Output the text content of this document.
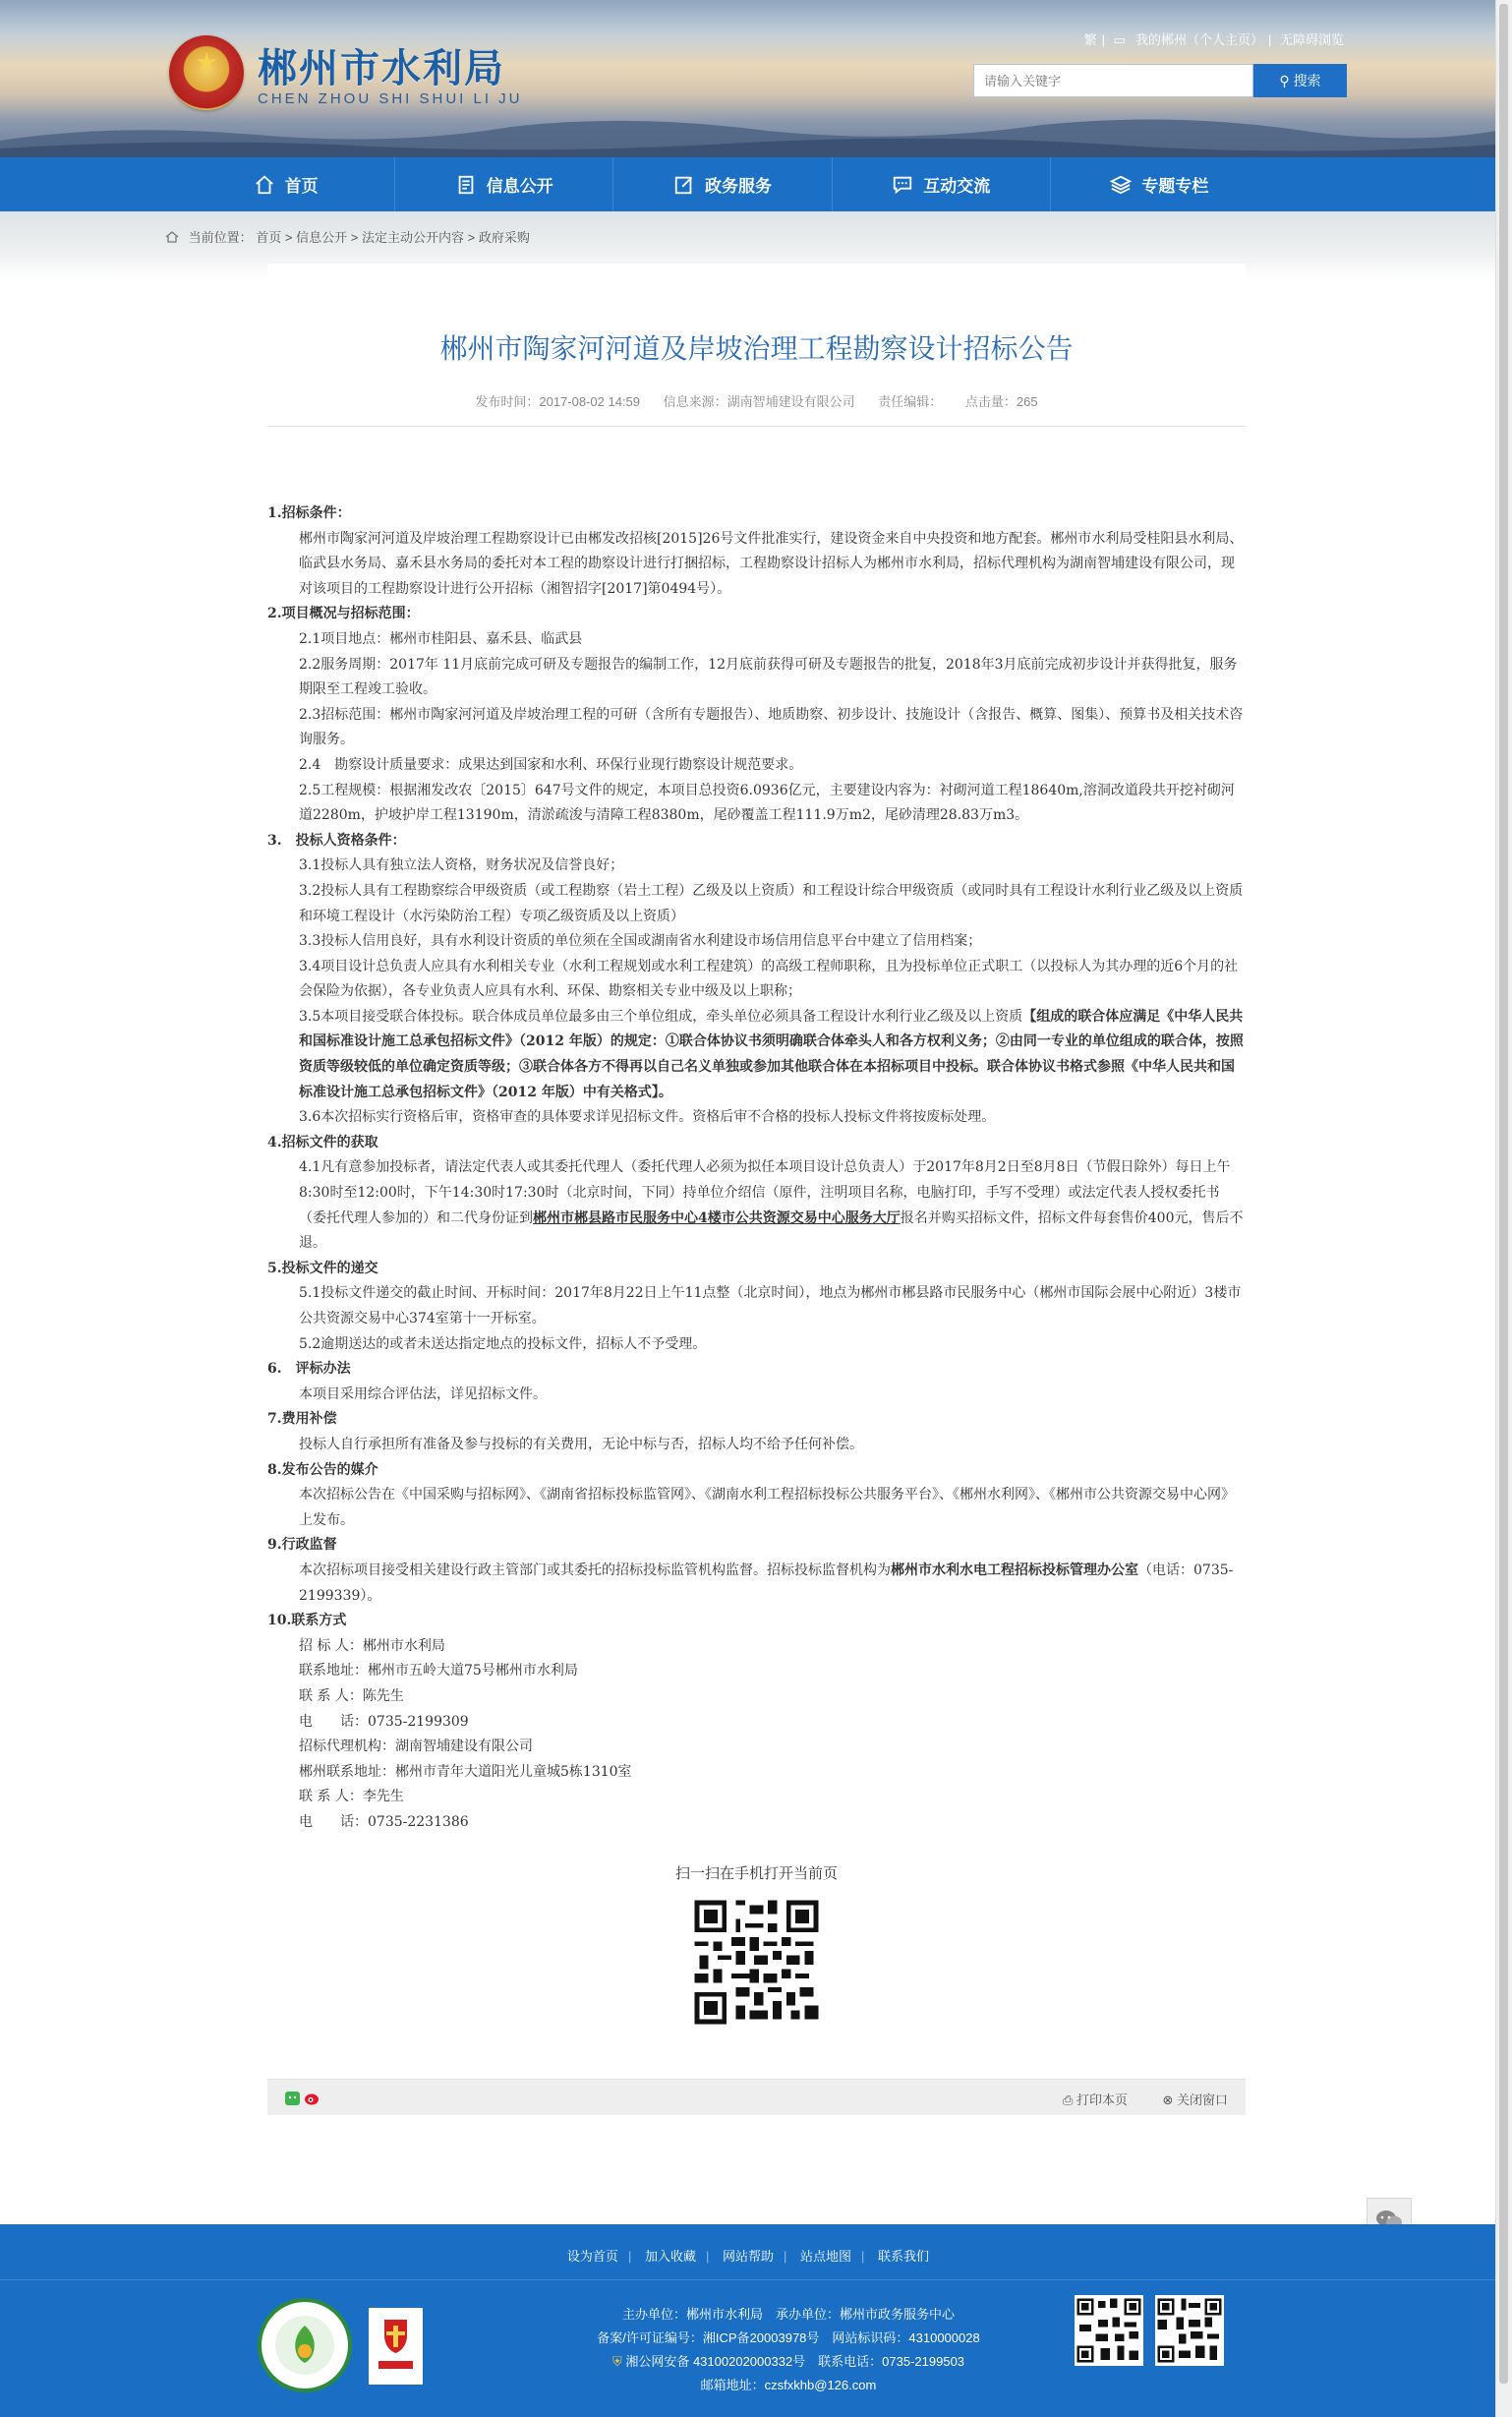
★	郴州市水利局
CHEN ZHOU SHI SHUI LI JU
繁 | ▭ 我的郴州（个人主页） | 无障碍浏览
请输入关键字
⚲ 搜索
首页	信息公开	政务服务	互动交流	专题专栏
当前位置： 首页 > 信息公开 > 法定主动公开内容 > 政府采购
郴州市陶家河河道及岸坡治理工程勘察设计招标公告
发布时间：2017-08-02 14:59 信息来源：湖南智埔建设有限公司 责任编辑： 点击量：265

1.招标条件：

郴州市陶家河河道及岸坡治理工程勘察设计已由郴发改招核[2015]26号文件批准实行，建设资金来自中央投资和地方配套。郴州市水利局受桂阳县水利局、临武县水务局、嘉禾县水务局的委托对本工程的勘察设计进行打捆招标，工程勘察设计招标人为郴州市水利局，招标代理机构为湖南智埔建设有限公司，现对该项目的工程勘察设计进行公开招标（湘智招字[2017]第0494号）。

2.项目概况与招标范围：

2.1项目地点：郴州市桂阳县、嘉禾县、临武县

2.2服务周期：2017年 11月底前完成可研及专题报告的编制工作，12月底前获得可研及专题报告的批复，2018年3月底前完成初步设计并获得批复，服务期限至工程竣工验收。

2.3招标范围：郴州市陶家河河道及岸坡治理工程的可研（含所有专题报告）、地质勘察、初步设计、技施设计（含报告、概算、图集）、预算书及相关技术咨询服务。

2.4　勘察设计质量要求：成果达到国家和水利、环保行业现行勘察设计规范要求。

2.5工程规模：根据湘发改农〔2015〕647号文件的规定，本项目总投资6.0936亿元，主要建设内容为：衬砌河道工程18640m,溶洞改道段共开挖衬砌河道2280m，护坡护岸工程13190m，清淤疏浚与清障工程8380m，尾砂覆盖工程111.9万m2，尾砂清理28.83万m3。

3.　投标人资格条件：

3.1投标人具有独立法人资格，财务状况及信誉良好；

3.2投标人具有工程勘察综合甲级资质（或工程勘察（岩土工程）乙级及以上资质）和工程设计综合甲级资质（或同时具有工程设计水利行业乙级及以上资质和环境工程设计（水污染防治工程）专项乙级资质及以上资质）

3.3投标人信用良好，具有水利设计资质的单位须在全国或湖南省水利建设市场信用信息平台中建立了信用档案；

3.4项目设计总负责人应具有水利相关专业（水利工程规划或水利工程建筑）的高级工程师职称，且为投标单位正式职工（以投标人为其办理的近6个月的社会保险为依据），各专业负责人应具有水利、环保、勘察相关专业中级及以上职称；

3.5本项目接受联合体投标。联合体成员单位最多由三个单位组成，牵头单位必须具备工程设计水利行业乙级及以上资质【组成的联合体应满足《中华人民共和国标准设计施工总承包招标文件》（2012 年版）的规定：①联合体协议书须明确联合体牵头人和各方权利义务；②由同一专业的单位组成的联合体，按照资质等级较低的单位确定资质等级；③联合体各方不得再以自己名义单独或参加其他联合体在本招标项目中投标。联合体协议书格式参照《中华人民共和国标准设计施工总承包招标文件》（2012 年版）中有关格式】。

3.6本次招标实行资格后审，资格审查的具体要求详见招标文件。资格后审不合格的投标人投标文件将按废标处理。

4.招标文件的获取

4.1凡有意参加投标者，请法定代表人或其委托代理人（委托代理人必须为拟任本项目设计总负责人）于2017年8月2日至8月8日（节假日除外）每日上午8:30时至12:00时，下午14:30时17:30时（北京时间，下同）持单位介绍信（原件，注明项目名称，电脑打印，手写不受理）或法定代表人授权委托书（委托代理人参加的）和二代身份证到郴州市郴县路市民服务中心4楼市公共资源交易中心服务大厅报名并购买招标文件，招标文件每套售价400元，售后不退。

5.投标文件的递交

5.1投标文件递交的截止时间、开标时间：2017年8月22日上午11点整（北京时间），地点为郴州市郴县路市民服务中心（郴州市国际会展中心附近）3楼市公共资源交易中心374室第十一开标室。

5.2逾期送达的或者未送达指定地点的投标文件，招标人不予受理。

6.　评标办法

本项目采用综合评估法，详见招标文件。

7.费用补偿

投标人自行承担所有准备及参与投标的有关费用，无论中标与否，招标人均不给予任何补偿。

8.发布公告的媒介

本次招标公告在《中国采购与招标网》、《湖南省招标投标监管网》、《湖南水利工程招标投标公共服务平台》、《郴州水利网》、《郴州市公共资源交易中心网》上发布。

9.行政监督

本次招标项目接受相关建设行政主管部门或其委托的招标投标监管机构监督。招标投标监督机构为郴州市水利水电工程招标投标管理办公室（电话：0735-2199339）。

10.联系方式

招 标 人：郴州市水利局

联系地址：郴州市五岭大道75号郴州市水利局

联 系 人：陈先生

电　　话：0735-2199309

招标代理机构：湖南智埔建设有限公司

郴州联系地址：郴州市青年大道阳光儿童城5栋1310室

联 系 人：李先生

电　　话：0735-2231386

扫一扫在手机打开当前页
⎙ 打印本页	⊗ 关闭窗口
设为首页 | 加入收藏 | 网站帮助 | 站点地图 | 联系我们
主办单位：郴州市水利局　承办单位：郴州市政务服务中心
备案/许可证编号：湘ICP备20003978号　网站标识码：4310000028
⛨ 湘公网安备 43100202000332号　联系电话：0735-2199503
邮箱地址：czsfxkhb@126.com
